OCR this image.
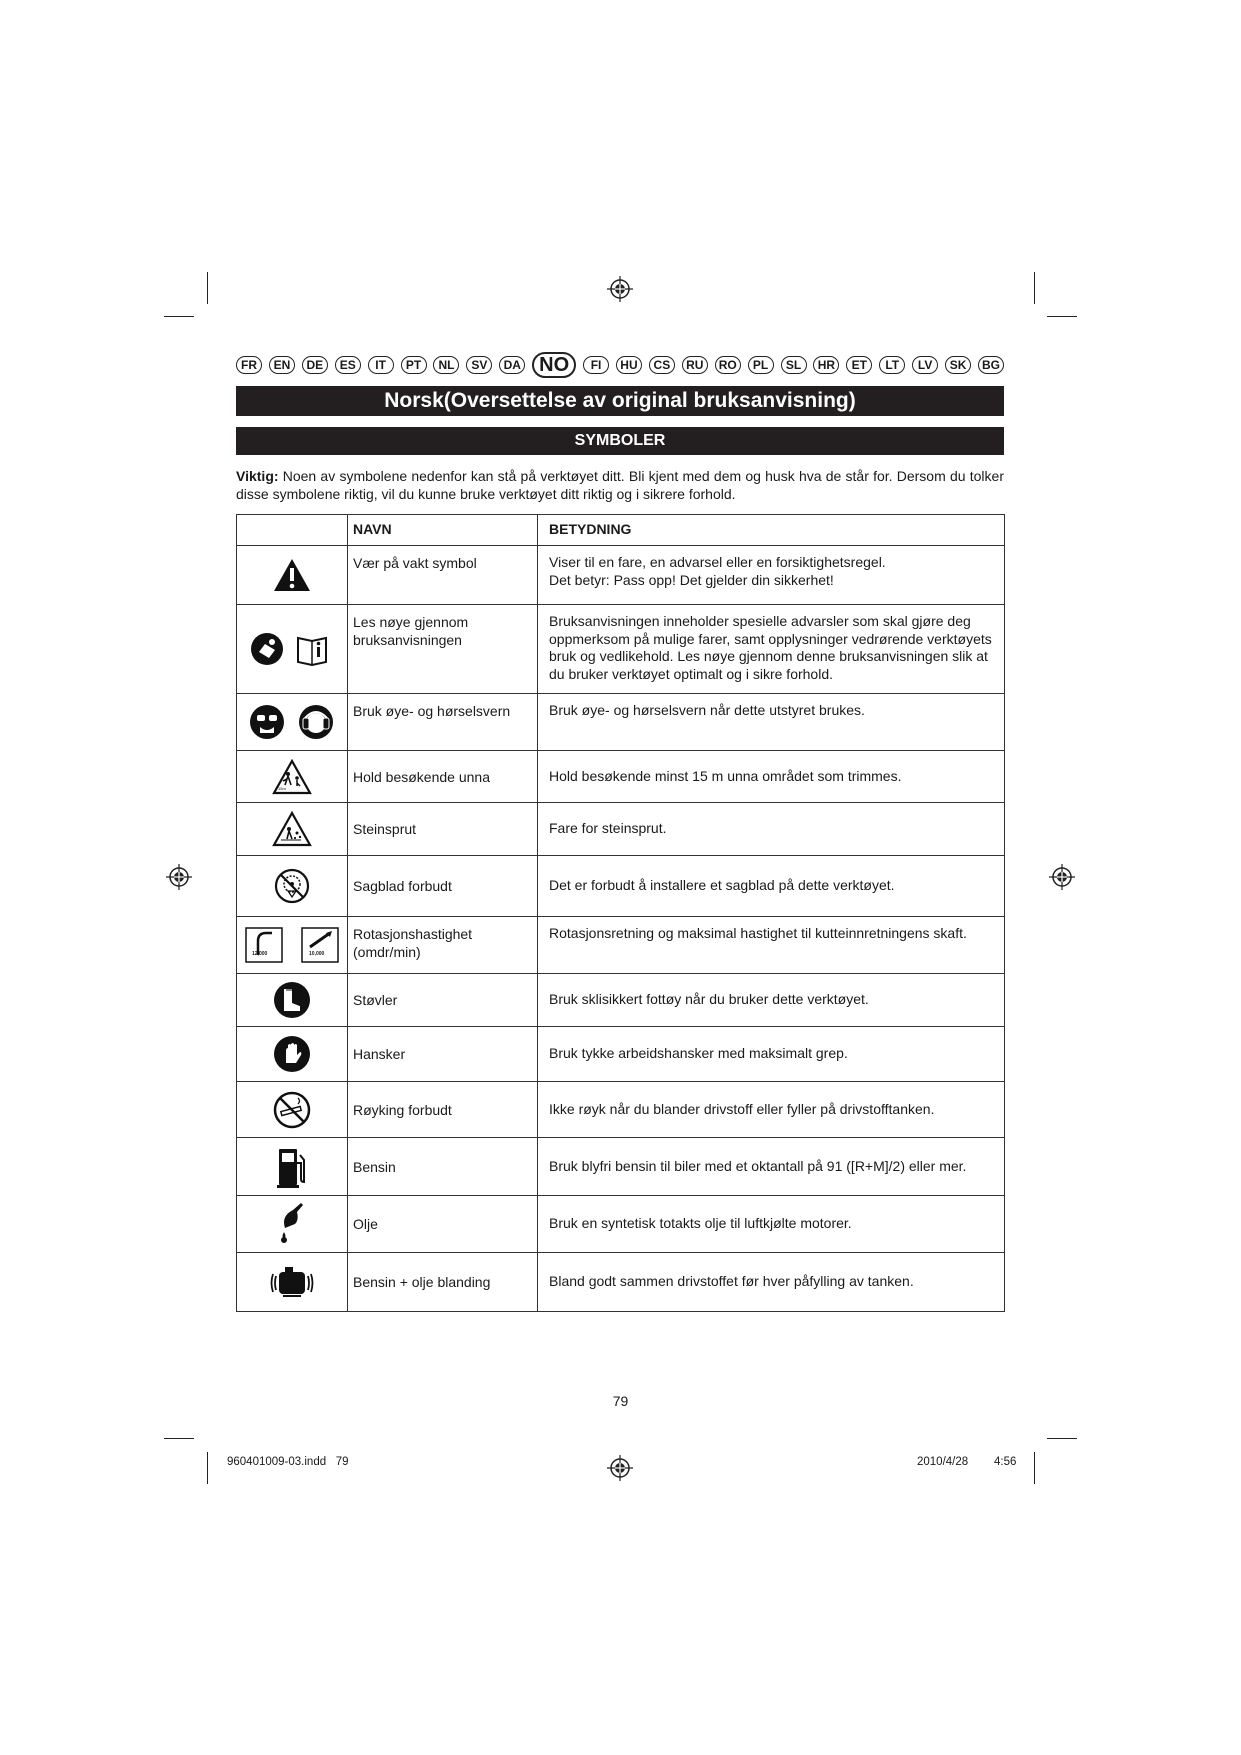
FR	EN	DE	ES	IT	PT	NL	SV	DA NO	FI	HU	CS	RU	RO	PL	SL	HR	ET	LT	LV	SK	BG
Norsk(Oversettelse av original bruksanvisning)
SYMBOLER
Viktig: Noen av symbolene nedenfor kan stå på verktøyet ditt. Bli kjent med dem og husk hva de står for. Dersom du tolker disse symbolene riktig, vil du kunne bruke verktøyet ditt riktig og i sikrere forhold.
	NAVN	BETYDNING
	Vær på vakt symbol	Viser til en fare, en advarsel eller en forsiktighetsregel.
Det betyr: Pass opp! Det gjelder din sikkerhet!
	Les nøye gjennom bruksanvisningen	Bruksanvisningen inneholder spesielle advarsler som skal gjøre deg oppmerksom på mulige farer, samt opplysninger vedrørende verktøyets bruk og vedlikehold. Les nøye gjennom denne bruksanvisningen slik at du bruker verktøyet optimalt og i sikre forhold.
	Bruk øye- og hørselsvern	Bruk øye- og hørselsvern når dette utstyret brukes.

15m	Hold besøkende unna	Hold besøkende minst 15 m unna området som trimmes.
	Steinsprut	Fare for steinsprut.
	Sagblad forbudt	Det er forbudt å installere et sagblad på dette verktøyet.

12,000 10,000	Rotasjonshastighet (omdr/min)	Rotasjonsretning og maksimal hastighet til kutteinnretningens skaft.
	Støvler	Bruk sklisikkert fottøy når du bruker dette verktøyet.
	Hansker	Bruk tykke arbeidshansker med maksimalt grep.
	Røyking forbudt	Ikke røyk når du blander drivstoff eller fyller på drivstofftanken.
	Bensin	Bruk blyfri bensin til biler med et oktantall på 91 ([R+M]/2) eller mer.
	Olje	Bruk en syntetisk totakts olje til luftkjølte motorer.
	Bensin + olje blanding	Bland godt sammen drivstoffet før hver påfylling av tanken.
79
960401009-03.indd   79	2010/4/28 4:56
